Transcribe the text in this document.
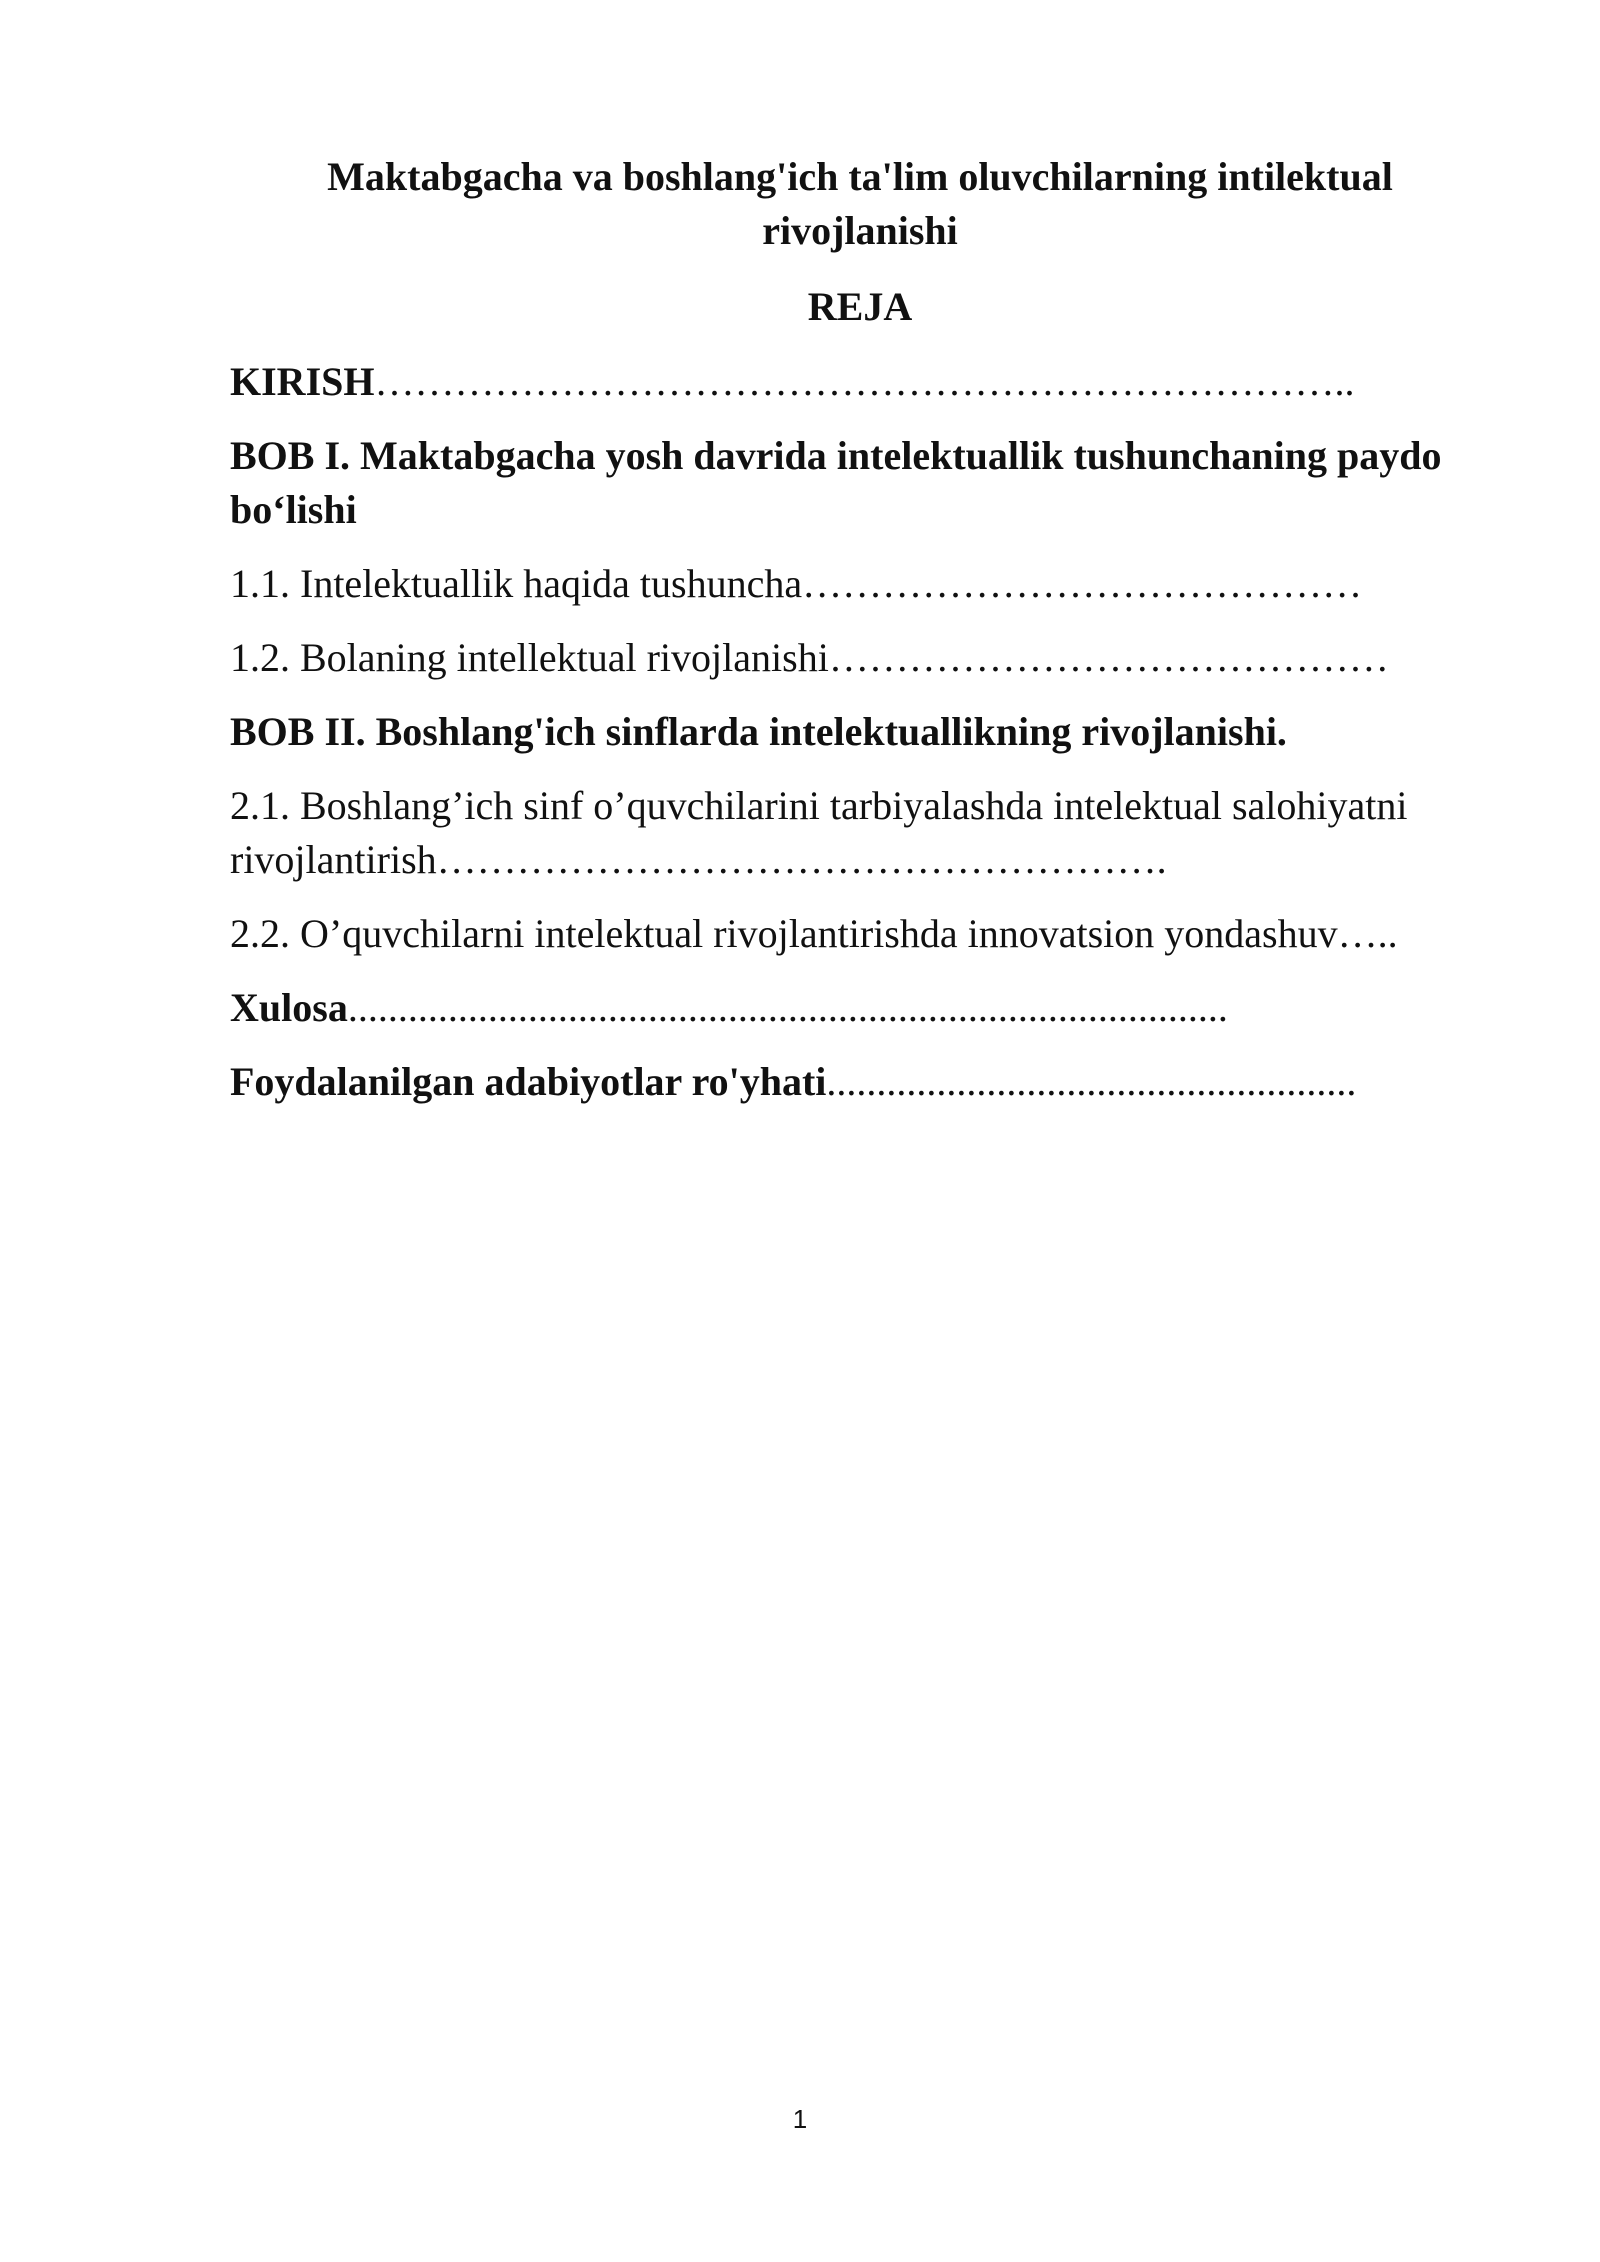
Maktabgacha va boshlang'ich ta'lim oluvchilarning intilektual rivojlanishi
REJA

KIRISH………………………………………………………………..

BOB I. Maktabgacha yosh davrida intelektuallik tushunchaning paydo bo‘lishi

1.1. Intelektuallik haqida tushuncha……………………………………

1.2. Bolaning intellektual rivojlanishi……………………………………

BOB II. Boshlang'ich sinflarda intelektuallikning rivojlanishi.

2.1. Boshlang’ich sinf o’quvchilarini tarbiyalashda intelektual salohiyatni rivojlantirish……………………………………………….

2.2. O’quvchilarni intelektual rivojlantirishda innovatsion yondashuv…..

Xulosa........................................................................................

Foydalanilgan adabiyotlar ro'yhati.....................................................

1
